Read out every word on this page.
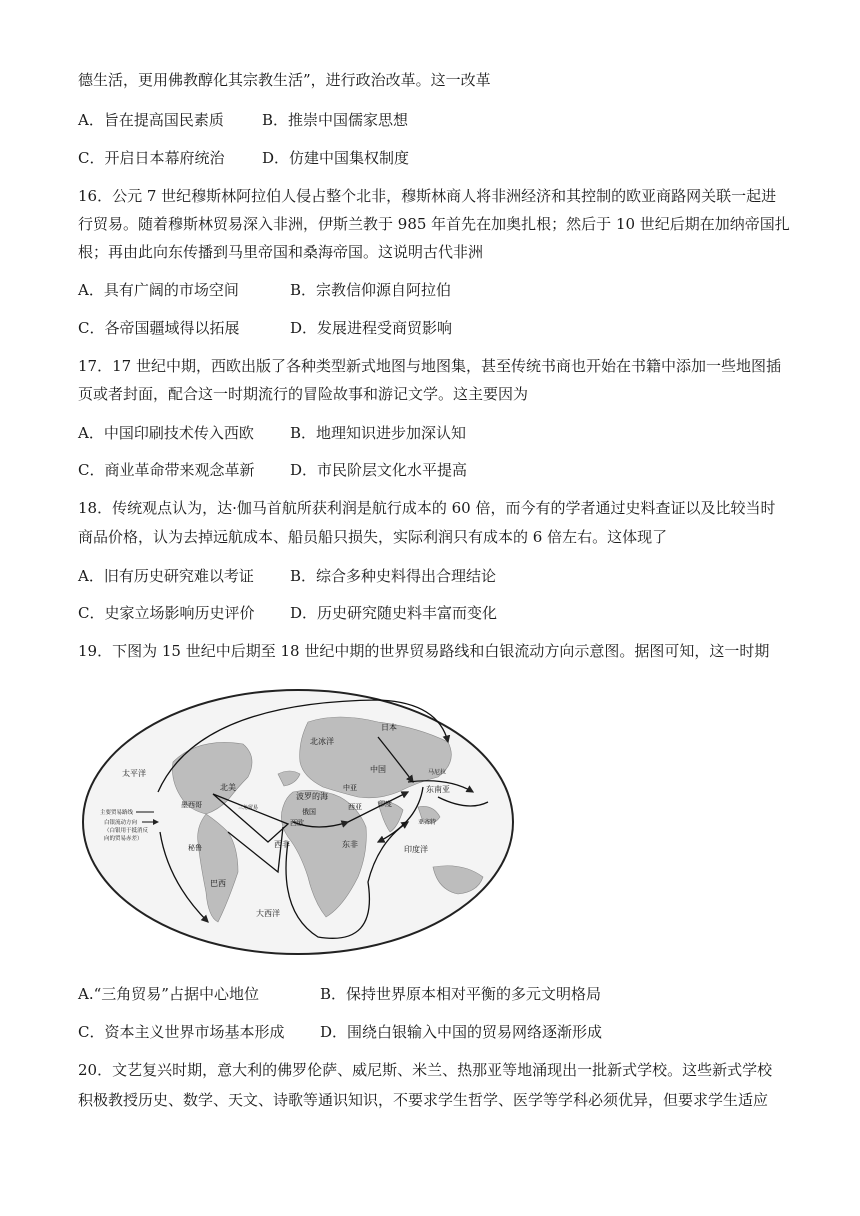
德生活，更用佛教醇化其宗教生活”，进行政治改革。这一改革
A．旨在提高国民素质	B．推崇中国儒家思想
C．开启日本幕府统治	D．仿建中国集权制度
16．公元 7 世纪穆斯林阿拉伯人侵占整个北非，穆斯林商人将非洲经济和其控制的欧亚商路网关联一起进
行贸易。随着穆斯林贸易深入非洲，伊斯兰教于 985 年首先在加奥扎根；然后于 10 世纪后期在加纳帝国扎
根；再由此向东传播到马里帝国和桑海帝国。这说明古代非洲
A．具有广阔的市场空间	B．宗教信仰源自阿拉伯
C．各帝国疆域得以拓展	D．发展进程受商贸影响
17．17 世纪中期，西欧出版了各种类型新式地图与地图集，甚至传统书商也开始在书籍中添加一些地图插
页或者封面，配合这一时期流行的冒险故事和游记文学。这主要因为
A．中国印刷技术传入西欧 B．地理知识进步加深认知
C．商业革命带来观念革新 D．市民阶层文化水平提高
18．传统观点认为，达·伽马首航所获利润是航行成本的 60 倍，而今有的学者通过史料查证以及比较当时
商品价格，认为去掉远航成本、船员船只损失，实际利润只有成本的 6 倍左右。这体现了
A．旧有历史研究难以考证 B．综合多种史料得出合理结论
C．史家立场影响历史评价 D．历史研究随史料丰富而变化
19．下图为 15 世纪中后期至 18 世纪中期的世界贸易路线和白银流动方向示意图。据图可知，这一时期
北冰洋
日本
太平洋	中国	马尼拉
东南亚
北美
墨西哥	三角贸易
波罗的海
中亚
俄国
西亚 印度
西欧	亚齐特
秘鲁	西非	东非
印度洋
巴西
大西洋
主要贸易路线
白银流动方向
（白银用于抵消反
向的贸易赤差）
A.“三角贸易”占据中心地位	B．保持世界原本相对平衡的多元文明格局
C．资本主义世界市场基本形成 D．围绕白银输入中国的贸易网络逐渐形成
20．文艺复兴时期，意大利的佛罗伦萨、威尼斯、米兰、热那亚等地涌现出一批新式学校。这些新式学校
积极教授历史、数学、天文、诗歌等通识知识，不要求学生哲学、医学等学科必须优异，但要求学生适应
